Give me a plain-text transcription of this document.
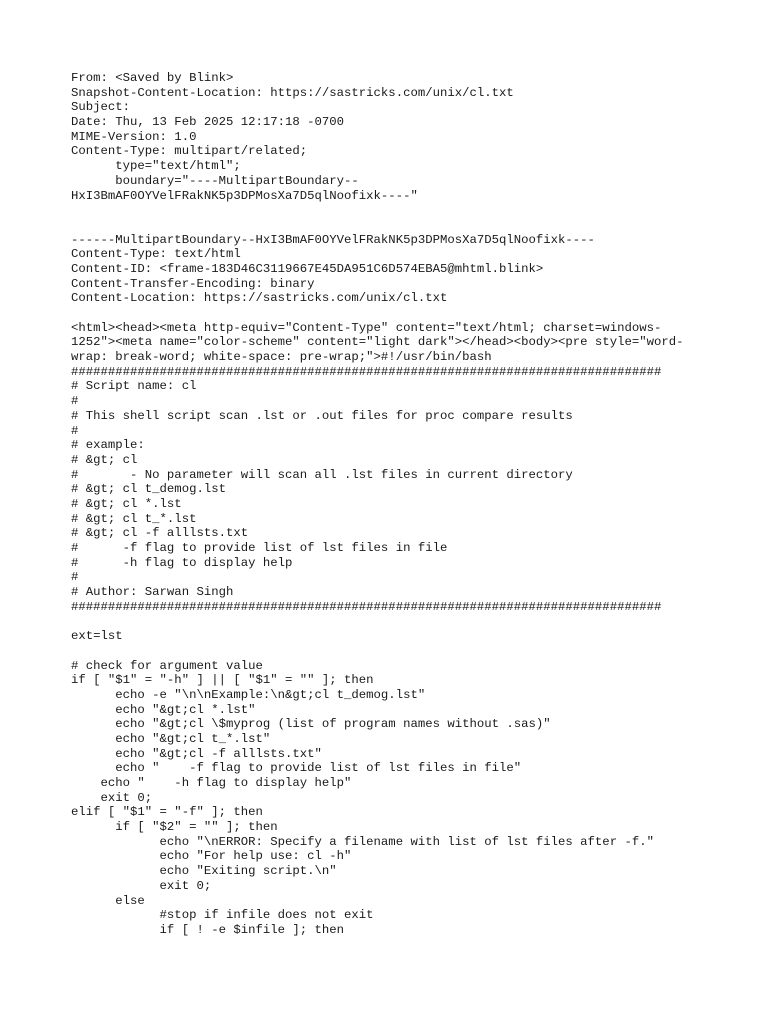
From: <Saved by Blink>
Snapshot-Content-Location: https://sastricks.com/unix/cl.txt
Subject:
Date: Thu, 13 Feb 2025 12:17:18 -0700
MIME-Version: 1.0
Content-Type: multipart/related;
type="text/html";
boundary="----MultipartBoundary--
HxI3BmAF0OYVelFRakNK5p3DPMosXa7D5qlNoofixk----"
------MultipartBoundary--HxI3BmAF0OYVelFRakNK5p3DPMosXa7D5qlNoofixk----
Content-Type: text/html
Content-ID: <frame-183D46C3119667E45DA951C6D574EBA5@mhtml.blink>
Content-Transfer-Encoding: binary
Content-Location: https://sastricks.com/unix/cl.txt
<html><head><meta http-equiv="Content-Type" content="text/html; charset=windows-
1252"><meta name="color-scheme" content="light dark"></head><body><pre style="word-
wrap: break-word; white-space: pre-wrap;">#!/usr/bin/bash
################################################################################
# Script name: cl
#
# This shell script scan .lst or .out files for proc compare results
#
# example:
# &gt; cl
#       - No parameter will scan all .lst files in current directory
# &gt; cl t_demog.lst
# &gt; cl *.lst
# &gt; cl t_*.lst
# &gt; cl -f alllsts.txt
#      -f flag to provide list of lst files in file
#      -h flag to display help
#
# Author: Sarwan Singh
################################################################################
ext=lst
# check for argument value
if [ "$1" = "-h" ] || [ "$1" = "" ]; then
echo -e "\n\nExample:\n&gt;cl t_demog.lst"
echo "&gt;cl *.lst"
echo "&gt;cl \$myprog (list of program names without .sas)"
echo "&gt;cl t_*.lst"
echo "&gt;cl -f alllsts.txt"
echo "    -f flag to provide list of lst files in file"
echo "    -h flag to display help"
exit 0;
elif [ "$1" = "-f" ]; then
if [ "$2" = "" ]; then
echo "\nERROR: Specify a filename with list of lst files after -f."
echo "For help use: cl -h"
echo "Exiting script.\n"
exit 0;
else
#stop if infile does not exit
if [ ! -e $infile ]; then
